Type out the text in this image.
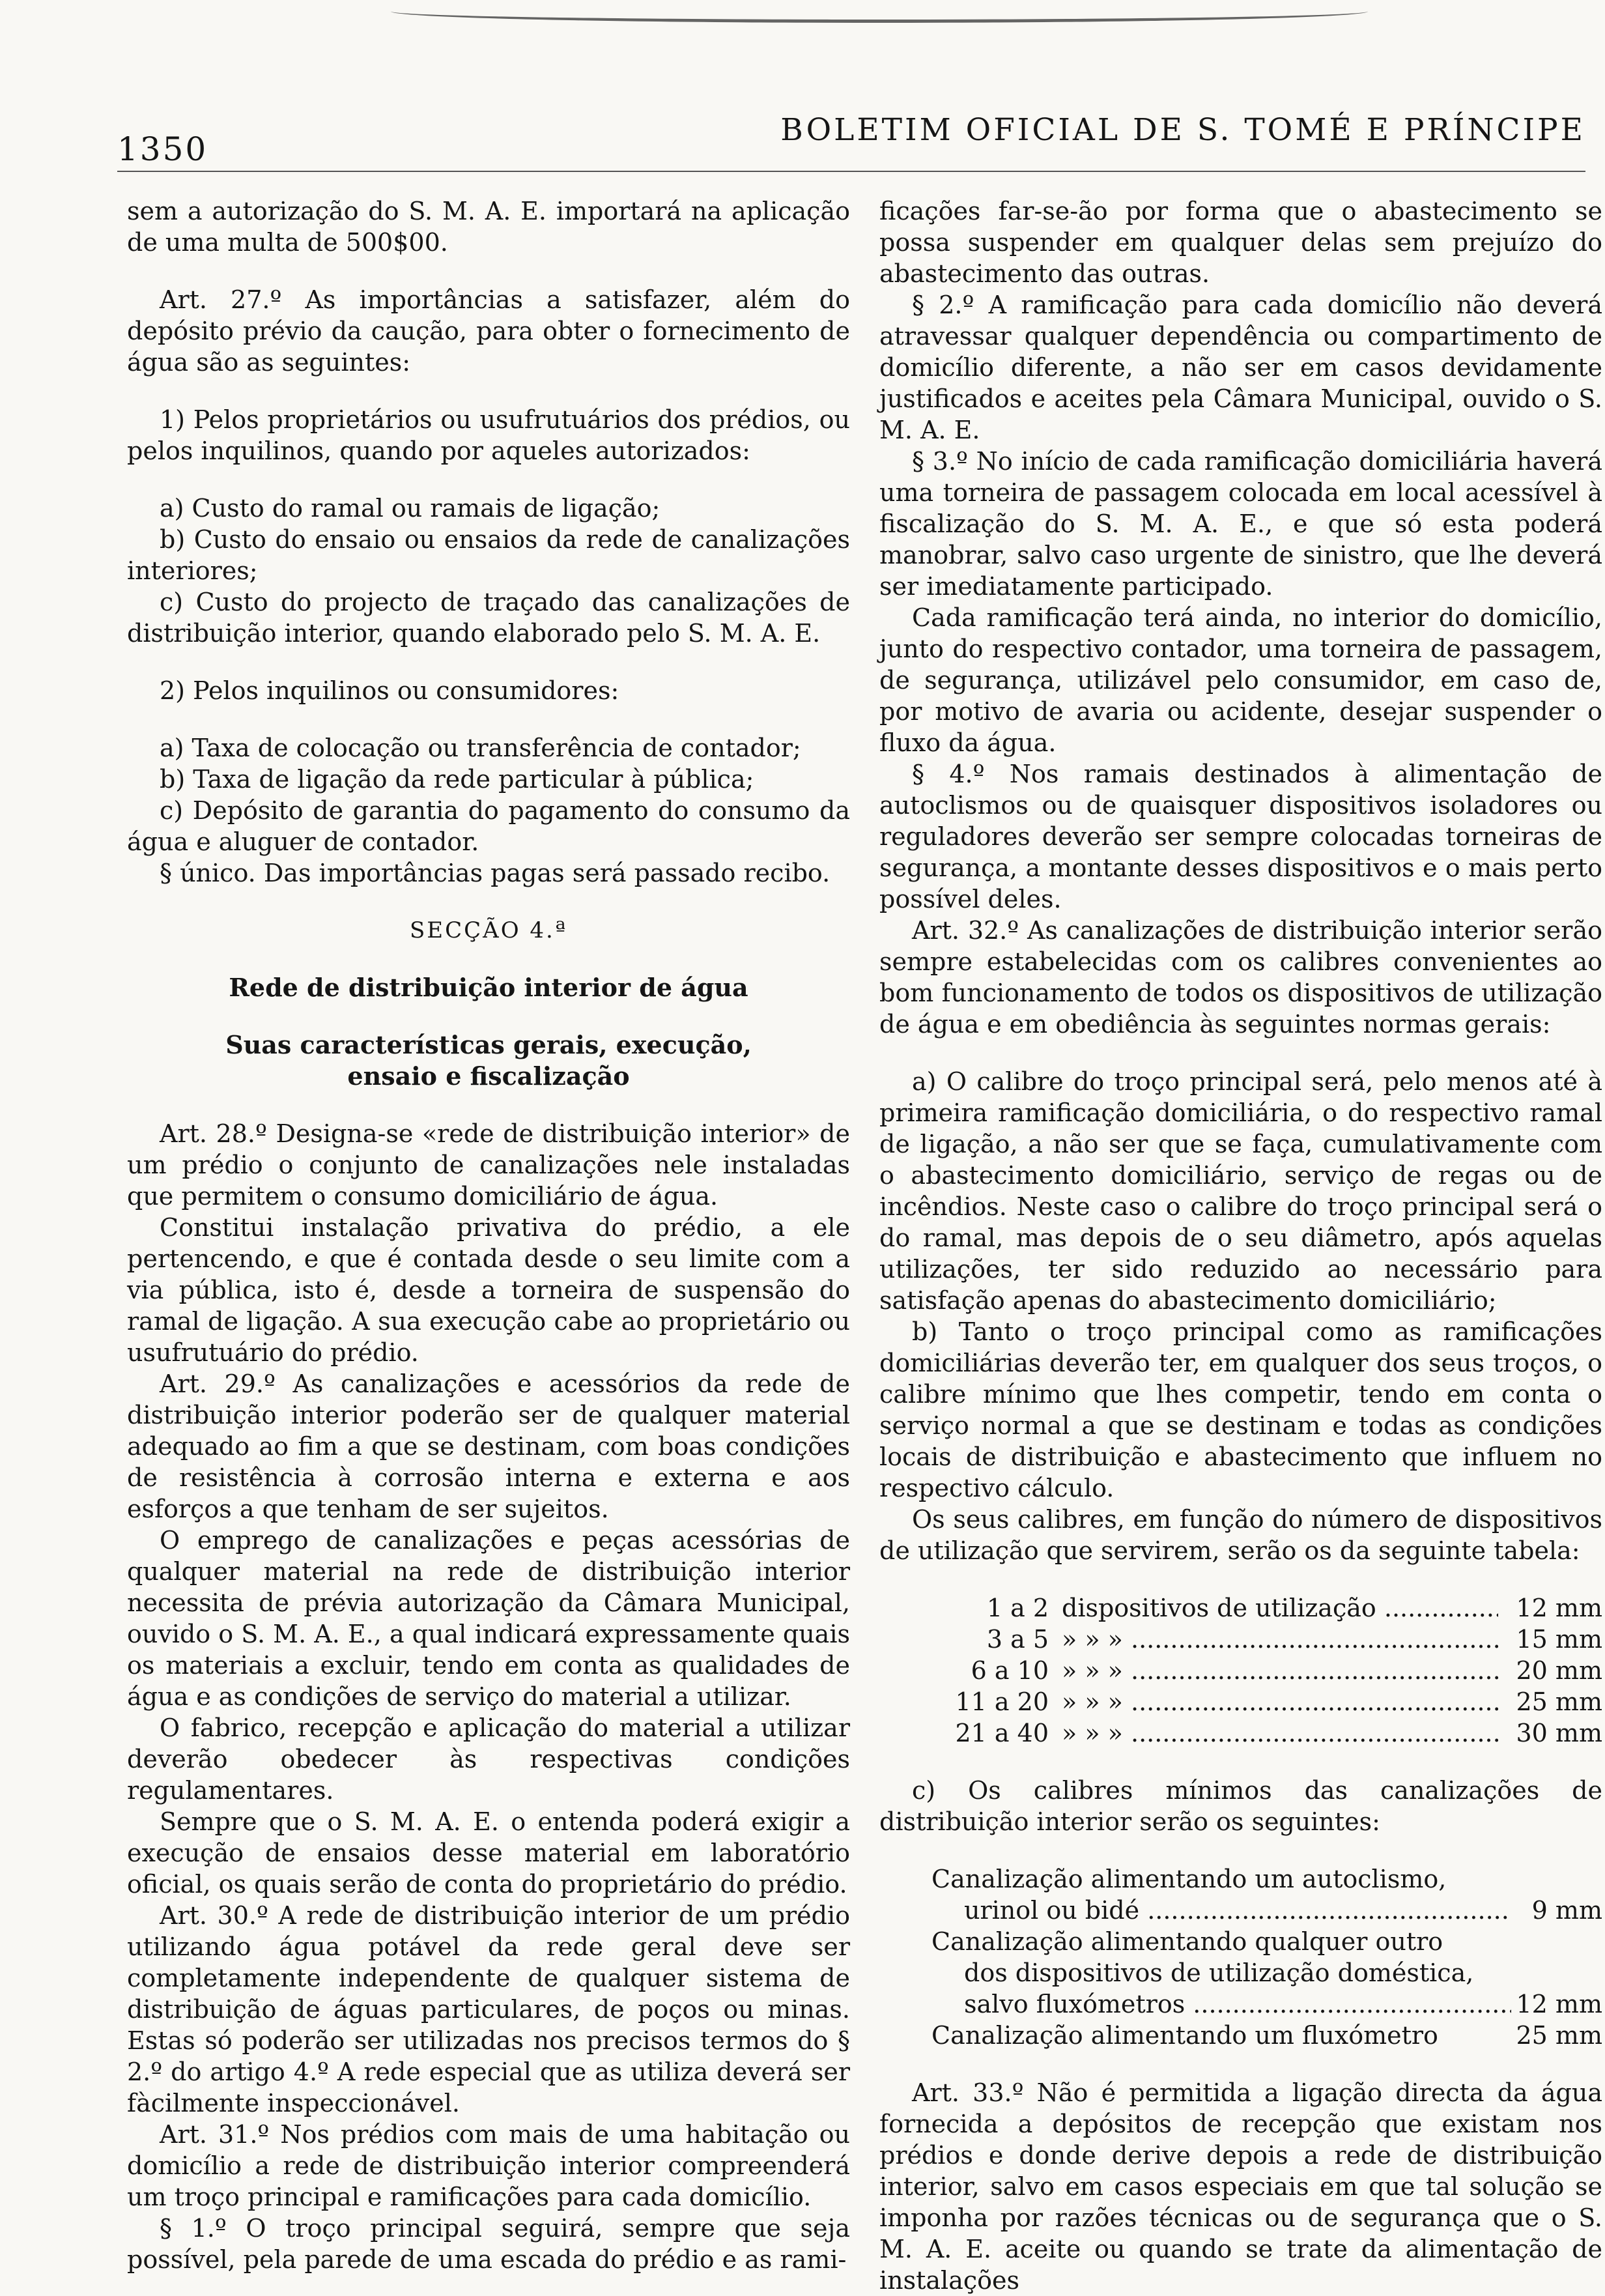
1350
BOLETIM OFICIAL DE S. TOMÉ E PRÍNCIPE

sem a autorização do S. M. A. E. importará na aplicação de uma multa de 500$00.

Art. 27.º As importâncias a satisfazer, além do depósito prévio da caução, para obter o fornecimento de água são as seguintes:

1) Pelos proprietários ou usufrutuários dos prédios, ou pelos inquilinos, quando por aqueles autorizados:

a) Custo do ramal ou ramais de ligação;

b) Custo do ensaio ou ensaios da rede de canalizações interiores;

c) Custo do projecto de traçado das canalizações de distribuição interior, quando elaborado pelo S. M. A. E.

2) Pelos inquilinos ou consumidores:

a) Taxa de colocação ou transferência de contador;

b) Taxa de ligação da rede particular à pública;

c) Depósito de garantia do pagamento do consumo da água e aluguer de contador.

§ único. Das importâncias pagas será passado recibo.

SECÇÃO 4.ª

Rede de distribuição interior de água

Suas características gerais, execução, ensaio e fiscalização

Art. 28.º Designa-se «rede de distribuição interior» de um prédio o conjunto de canalizações nele instaladas que permitem o consumo domiciliário de água.

Constitui instalação privativa do prédio, a ele pertencendo, e que é contada desde o seu limite com a via pública, isto é, desde a torneira de suspensão do ramal de ligação. A sua execução cabe ao proprietário ou usufrutuário do prédio.

Art. 29.º As canalizações e acessórios da rede de distribuição interior poderão ser de qualquer material adequado ao fim a que se destinam, com boas condições de resistência à corrosão interna e externa e aos esforços a que tenham de ser sujeitos.

O emprego de canalizações e peças acessórias de qualquer material na rede de distribuição interior necessita de prévia autorização da Câmara Municipal, ouvido o S. M. A. E., a qual indicará expressamente quais os materiais a excluir, tendo em conta as qualidades de água e as condições de serviço do material a utilizar.

O fabrico, recepção e aplicação do material a utilizar deverão obedecer às respectivas condições regulamentares.

Sempre que o S. M. A. E. o entenda poderá exigir a execução de ensaios desse material em laboratório oficial, os quais serão de conta do proprietário do prédio.

Art. 30.º A rede de distribuição interior de um prédio utilizando água potável da rede geral deve ser completamente independente de qualquer sistema de distribuição de águas particulares, de poços ou minas. Estas só poderão ser utilizadas nos precisos termos do § 2.º do artigo 4.º A rede especial que as utiliza deverá ser fàcilmente inspeccionável.

Art. 31.º Nos prédios com mais de uma habitação ou domicílio a rede de distribuição interior compreenderá um troço principal e ramificações para cada domicílio.

§ 1.º O troço principal seguirá, sempre que seja possível, pela parede de uma escada do prédio e as rami-

ficações far-se-ão por forma que o abastecimento se possa suspender em qualquer delas sem prejuízo do abastecimento das outras.

§ 2.º A ramificação para cada domicílio não deverá atravessar qualquer dependência ou compartimento de domicílio diferente, a não ser em casos devidamente justificados e aceites pela Câmara Municipal, ouvido o S. M. A. E.

§ 3.º No início de cada ramificação domiciliária haverá uma torneira de passagem colocada em local acessível à fiscalização do S. M. A. E., e que só esta poderá manobrar, salvo caso urgente de sinistro, que lhe deverá ser imediatamente participado.

Cada ramificação terá ainda, no interior do domicílio, junto do respectivo contador, uma torneira de passagem, de segurança, utilizável pelo consumidor, em caso de, por motivo de avaria ou acidente, desejar suspender o fluxo da água.

§ 4.º Nos ramais destinados à alimentação de autoclismos ou de quaisquer dispositivos isoladores ou reguladores deverão ser sempre colocadas torneiras de segurança, a montante desses dispositivos e o mais perto possível deles.

Art. 32.º As canalizações de distribuição interior serão sempre estabelecidas com os calibres convenientes ao bom funcionamento de todos os dispositivos de utilização de água e em obediência às seguintes normas gerais:

a) O calibre do troço principal será, pelo menos até à primeira ramificação domiciliária, o do respectivo ramal de ligação, a não ser que se faça, cumulativamente com o abastecimento domiciliário, serviço de regas ou de incêndios. Neste caso o calibre do troço principal será o do ramal, mas depois de o seu diâmetro, após aquelas utilizações, ter sido reduzido ao necessário para satisfação apenas do abastecimento domiciliário;

b) Tanto o troço principal como as ramificações domiciliárias deverão ter, em qualquer dos seus troços, o calibre mínimo que lhes competir, tendo em conta o serviço normal a que se destinam e todas as condições locais de distribuição e abastecimento que influem no respectivo cálculo.

Os seus calibres, em função do número de dispositivos de utilização que servirem, serão os da seguinte tabela:

1 a 2 dispositivos de utilização .....	12 mm
3 a 5 » » » .....	15 mm
6 a 10 » » » .....	20 mm
11 a 20 » » » .....	25 mm
21 a 40 » » » .....	30 mm

c) Os calibres mínimos das canalizações de distribuição interior serão os seguintes:

Canalização alimentando um autoclismo,
urinol ou bidé .....	9 mm
Canalização alimentando qualquer outro
dos dispositivos de utilização doméstica,
salvo fluxómetros .....	12 mm
Canalização alimentando um fluxómetro	25 mm

Art. 33.º Não é permitida a ligação directa da água fornecida a depósitos de recepção que existam nos prédios e donde derive depois a rede de distribuição interior, salvo em casos especiais em que tal solução se imponha por razões técnicas ou de segurança que o S. M. A. E. aceite ou quando se trate da alimentação de instalações
